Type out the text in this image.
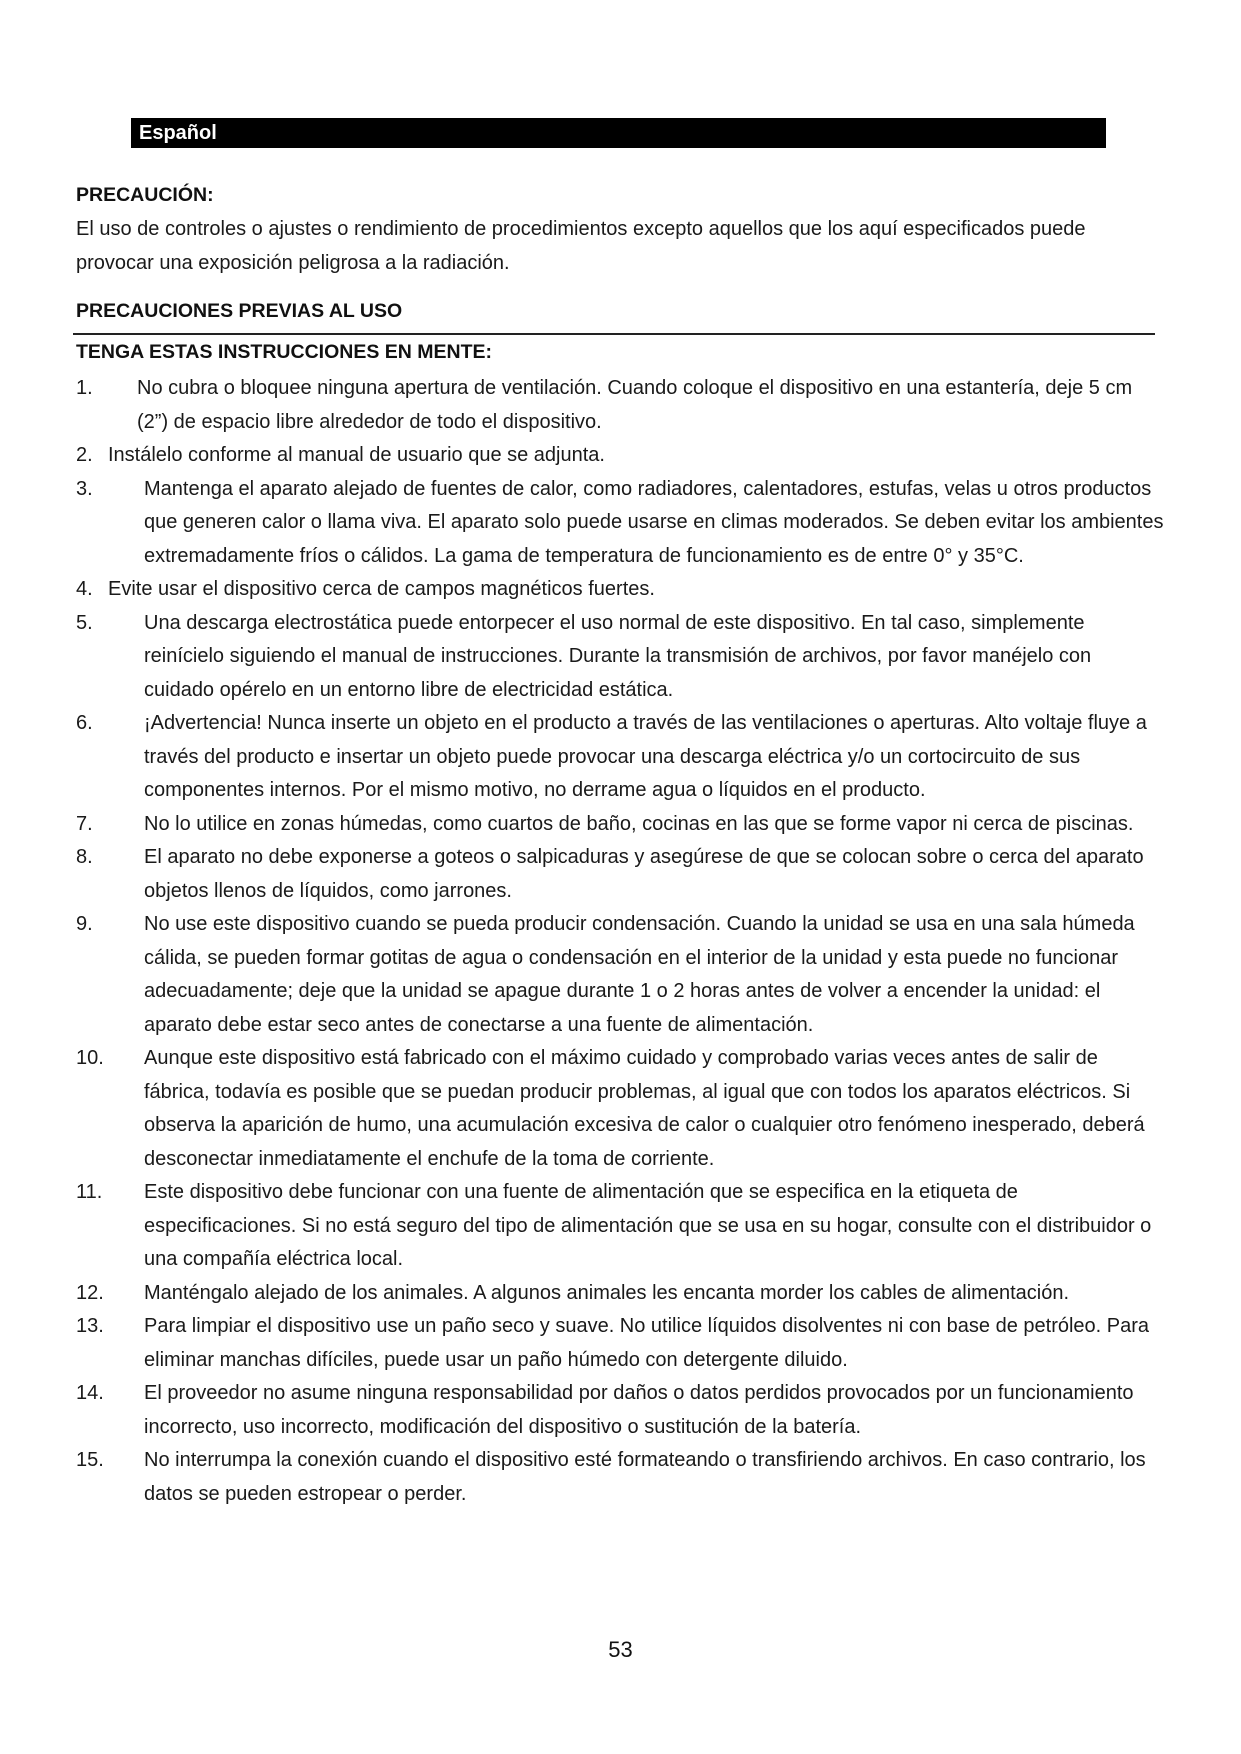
Español
PRECAUCIÓN:
El uso de controles o ajustes o rendimiento de procedimientos excepto aquellos que los aquí especificados puede provocar una exposición peligrosa a la radiación.
PRECAUCIONES PREVIAS AL USO
TENGA ESTAS INSTRUCCIONES EN MENTE:
1. No cubra o bloquee ninguna apertura de ventilación. Cuando coloque el dispositivo en una estantería, deje 5 cm (2”) de espacio libre alrededor de todo el dispositivo.
2. Instálelo conforme al manual de usuario que se adjunta.
3.	Mantenga el aparato alejado de fuentes de calor, como radiadores, calentadores, estufas, velas u otros productos que generen calor o llama viva. El aparato solo puede usarse en climas moderados. Se deben evitar los ambientes extremadamente fríos o cálidos. La gama de temperatura de funcionamiento es de entre 0° y 35°C.
4. Evite usar el dispositivo cerca de campos magnéticos fuertes.
5.	Una descarga electrostática puede entorpecer el uso normal de este dispositivo. En tal caso, simplemente reinícielo siguiendo el manual de instrucciones. Durante la transmisión de archivos, por favor manéjelo con cuidado opérelo en un entorno libre de electricidad estática.
6.	¡Advertencia! Nunca inserte un objeto en el producto a través de las ventilaciones o aperturas. Alto voltaje fluye a través del producto e insertar un objeto puede provocar una descarga eléctrica y/o un cortocircuito de sus componentes internos. Por el mismo motivo, no derrame agua o líquidos en el producto.
7.	No lo utilice en zonas húmedas, como cuartos de baño, cocinas en las que se forme vapor ni cerca de piscinas.
8.	El aparato no debe exponerse a goteos o salpicaduras y asegúrese de que se colocan sobre o cerca del aparato objetos llenos de líquidos, como jarrones.
9.	No use este dispositivo cuando se pueda producir condensación. Cuando la unidad se usa en una sala húmeda cálida, se pueden formar gotitas de agua o condensación en el interior de la unidad y esta puede no funcionar adecuadamente; deje que la unidad se apague durante 1 o 2 horas antes de volver a encender la unidad: el aparato debe estar seco antes de conectarse a una fuente de alimentación.
10. Aunque este dispositivo está fabricado con el máximo cuidado y comprobado varias veces antes de salir de fábrica, todavía es posible que se puedan producir problemas, al igual que con todos los aparatos eléctricos. Si observa la aparición de humo, una acumulación excesiva de calor o cualquier otro fenómeno inesperado, deberá desconectar inmediatamente el enchufe de la toma de corriente.
11. Este dispositivo debe funcionar con una fuente de alimentación que se especifica en la etiqueta de especificaciones. Si no está seguro del tipo de alimentación que se usa en su hogar, consulte con el distribuidor o una compañía eléctrica local.
12. Manténgalo alejado de los animales. A algunos animales les encanta morder los cables de alimentación.
13. Para limpiar el dispositivo use un paño seco y suave. No utilice líquidos disolventes ni con base de petróleo. Para eliminar manchas difíciles, puede usar un paño húmedo con detergente diluido.
14. El proveedor no asume ninguna responsabilidad por daños o datos perdidos provocados por un funcionamiento incorrecto, uso incorrecto, modificación del dispositivo o sustitución de la batería.
15. No interrumpa la conexión cuando el dispositivo esté formateando o transfiriendo archivos. En caso contrario, los datos se pueden estropear o perder.
53
